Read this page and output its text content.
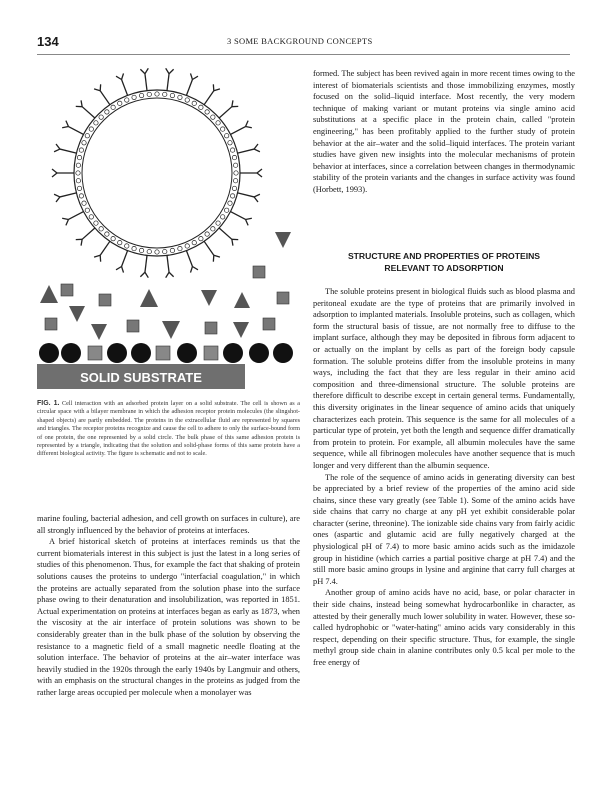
134	3 SOME BACKGROUND CONCEPTS
SOLID SUBSTRATE
FIG. 1. Cell interaction with an adsorbed protein layer on a solid substrate. The cell is shown as a circular space with a bilayer membrane in which the adhesion receptor protein molecules (the slingshot-shaped objects) are partly embedded. The proteins in the extracellular fluid are represented by squares and triangles. The receptor proteins recognize and cause the cell to adhere to only the surface-bound form of one protein, the one represented by a solid circle. The bulk phase of this same adhesion protein is represented by a triangle, indicating that the solution and solid-phase forms of this same protein have a different biological activity. The figure is schematic and not to scale.

marine fouling, bacterial adhesion, and cell growth on surfaces in culture), are all strongly influenced by the behavior of proteins at interfaces.

A brief historical sketch of proteins at interfaces reminds us that the current biomaterials interest in this subject is just the latest in a long series of studies of this phenomenon. Thus, for example the fact that shaking of protein solutions causes the proteins to undergo "interfacial coagulation," in which the proteins are actually separated from the solution phase into the surface phase owing to their denaturation and insolubilization, was reported in 1851. Actual experimentation on proteins at interfaces began as early as 1873, when the viscosity at the air interface of protein solutions was shown to be considerably greater than in the bulk phase of the solution by observing the resistance to a magnetic field of a small magnetic needle floating at the solution interface. The behavior of proteins at the air–water interface was heavily studied in the 1920s through the early 1940s by Langmuir and others, with an emphasis on the structural changes in the proteins as judged from the rather large areas occupied per molecule when a monolayer was

formed. The subject has been revived again in more recent times owing to the interest of biomaterials scientists and those immobilizing enzymes, mostly focused on the solid–liquid interface. Most recently, the very modern technique of making variant or mutant proteins via single amino acid substitutions at a specific place in the protein chain, called "protein engineering," has been profitably applied to the further study of protein behavior at the air–water and the solid–liquid interfaces. The protein variant studies have given new insights into the molecular mechanisms of protein behavior at interfaces, since a correlation between changes in thermodynamic stability of the protein variants and the changes in surface activity was found (Horbett, 1993).

STRUCTURE AND PROPERTIES OF PROTEINS
RELEVANT TO ADSORPTION

The soluble proteins present in biological fluids such as blood plasma and peritoneal exudate are the type of proteins that are primarily involved in adsorption to implanted materials. Insoluble proteins, such as collagen, which form the structural basis of tissue, are not normally free to diffuse to the implant surface, although they may be deposited in fibrous form adjacent to or actually on the implant by cells as part of the foreign body capsule formation. The soluble proteins differ from the insoluble proteins in many ways, including the fact that they are less regular in their amino acid composition and three-dimensional structure. The soluble proteins are therefore difficult to describe except in certain general terms. Fundamentally, this diversity originates in the linear sequence of amino acids that uniquely characterizes each protein. This sequence is the same for all molecules of a particular type of protein, yet both the length and sequence differ dramatically from protein to protein. For example, all albumin molecules have the same sequence, while all fibrinogen molecules have another sequence that is much longer and very different than the albumin sequence.

The role of the sequence of amino acids in generating diversity can best be appreciated by a brief review of the properties of the amino acid side chains, since these vary greatly (see Table 1). Some of the amino acids have side chains that carry no charge at any pH yet exhibit considerable polar character (serine, threonine). The ionizable side chains vary from fairly acidic ones (aspartic and glutamic acid are fully negatively charged at the physiological pH of 7.4) to more basic amino acids such as the imidazole group in histidine (which carries a partial positive charge at pH 7.4) and the still more basic amino groups in lysine and arginine that carry full charges at pH 7.4.

Another group of amino acids have no acid, base, or polar character in their side chains, instead being somewhat hydrocarbonlike in character, as attested by their generally much lower solubility in water. However, these so-called hydrophobic or "water-hating" amino acids vary considerably in this respect, depending on their specific structure. Thus, for example, the single methyl group side chain in alanine contributes only 0.5 kcal per mole to the free energy of
